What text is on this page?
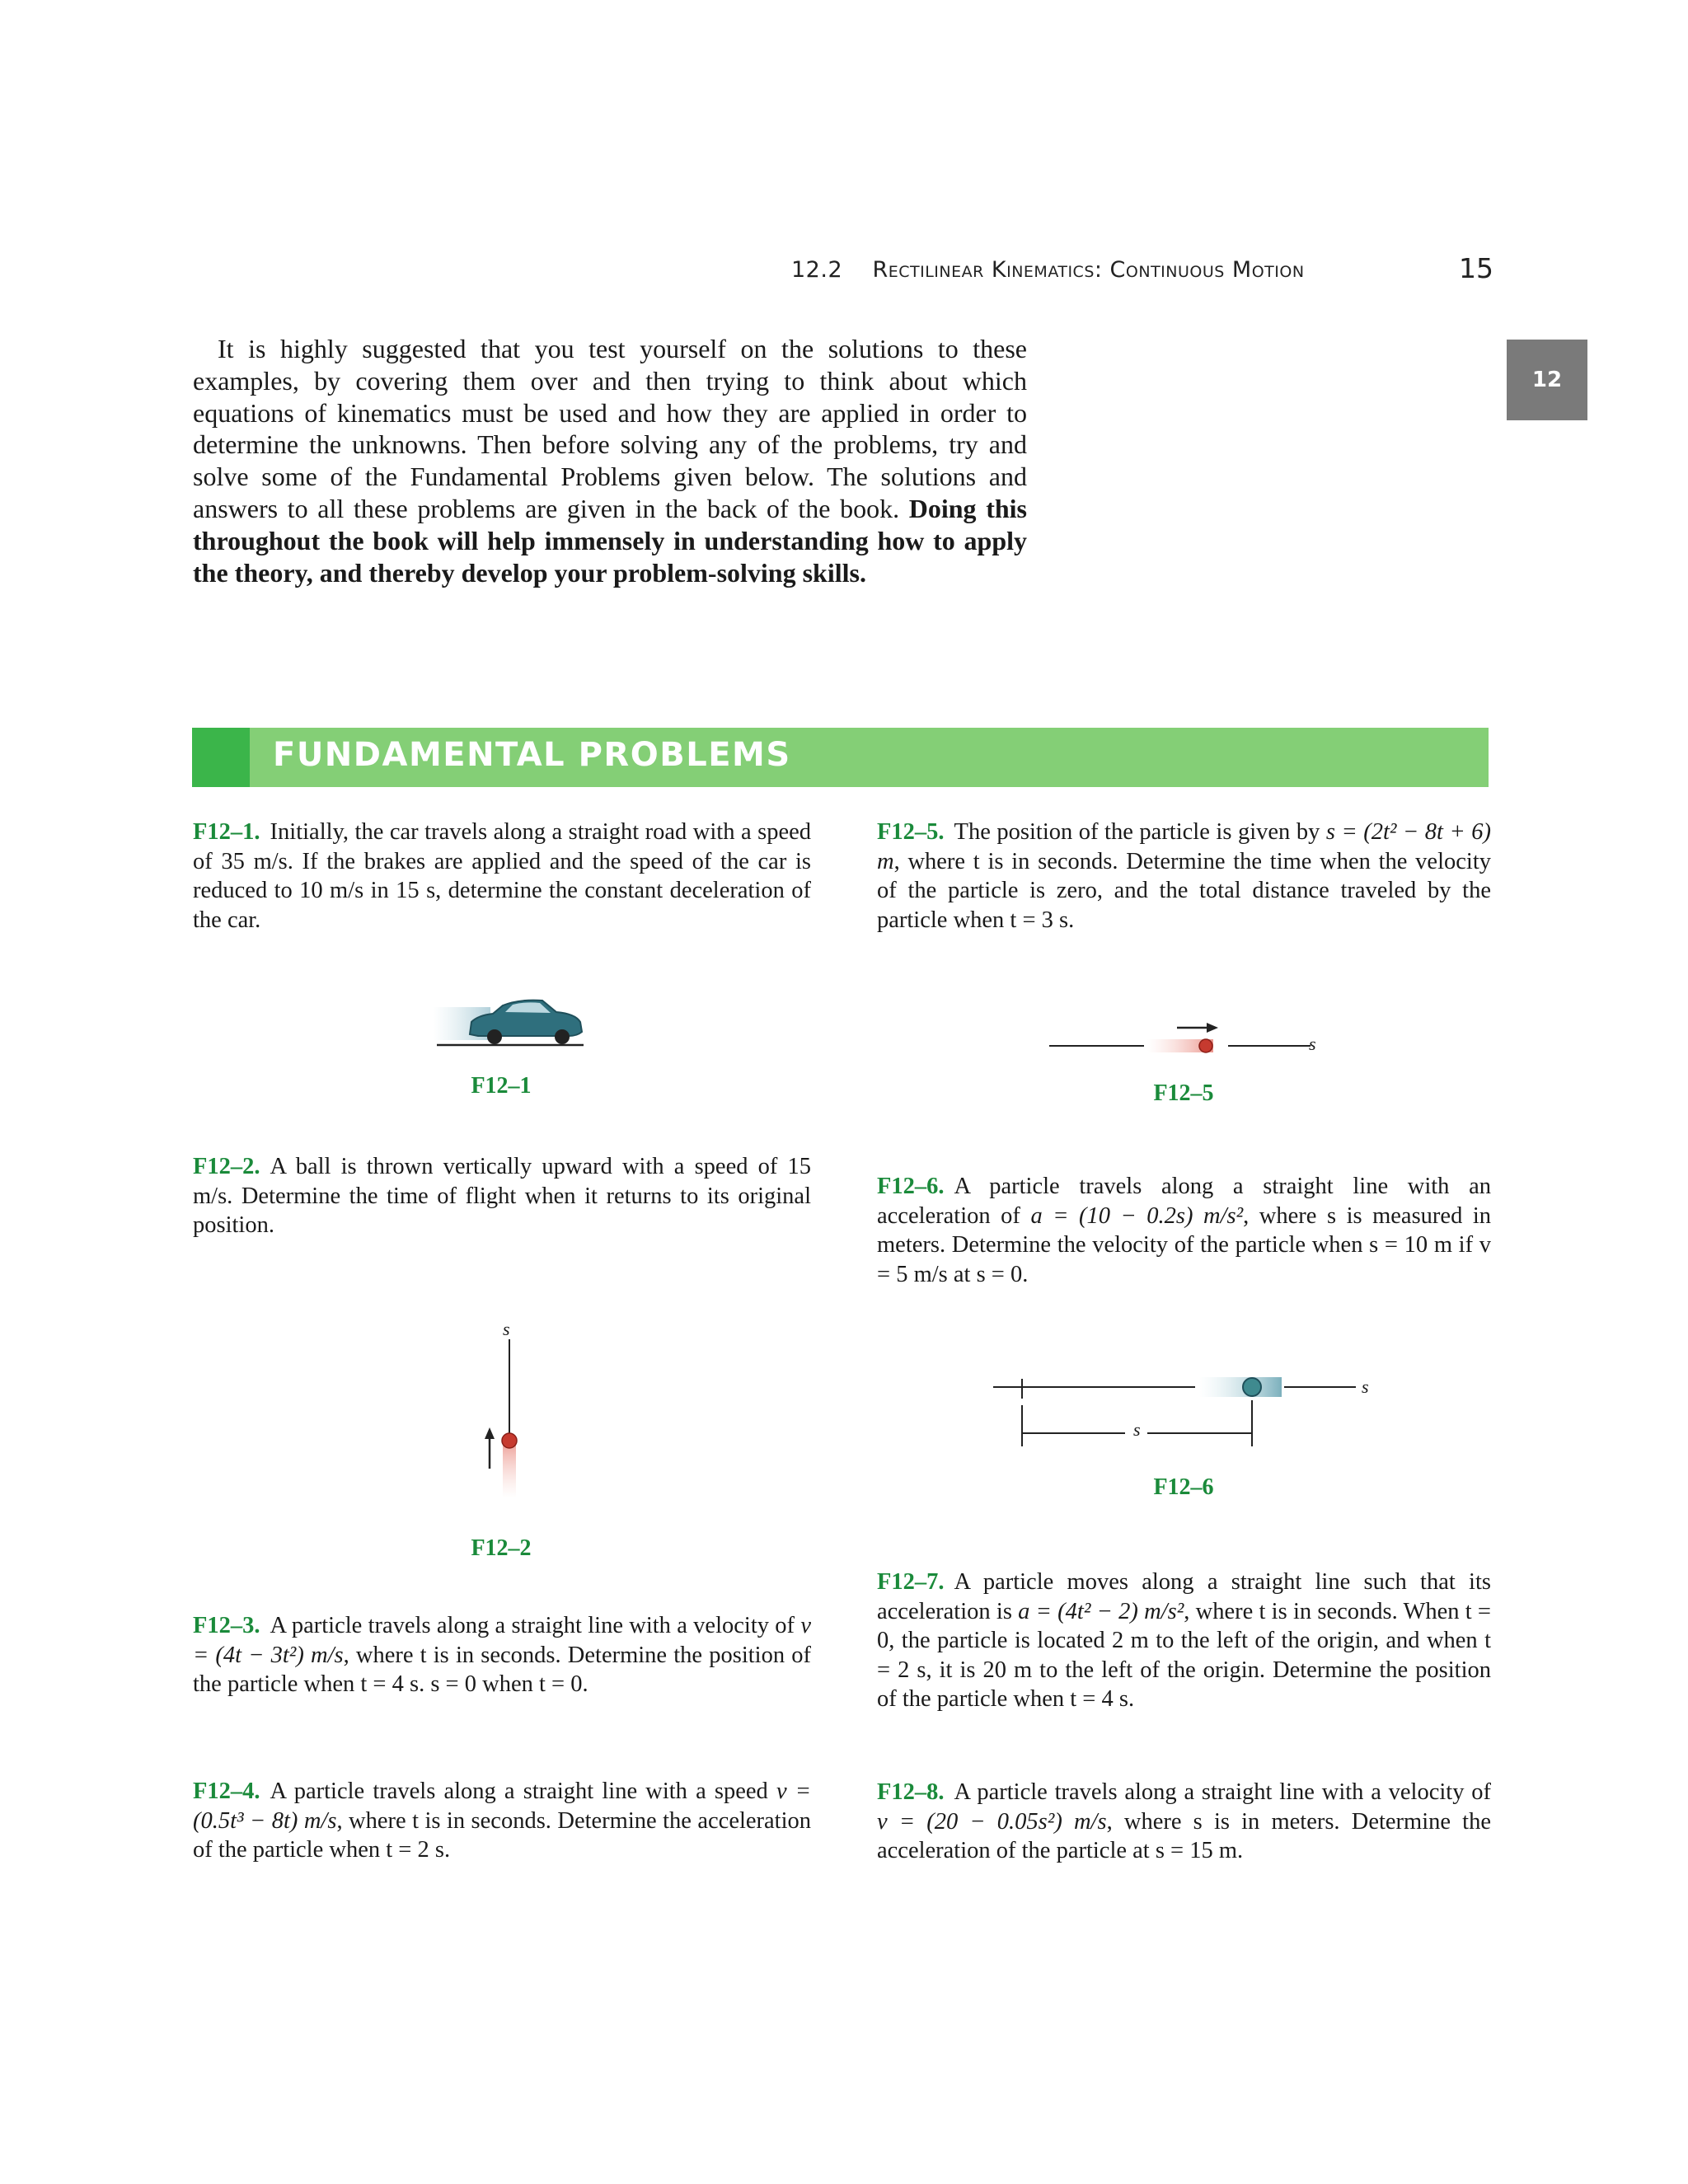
12.2 Rectilinear Kinematics: Continuous Motion	15
12
It is highly suggested that you test yourself on the solutions to these examples, by covering them over and then trying to think about which equations of kinematics must be used and how they are applied in order to determine the unknowns. Then before solving any of the problems, try and solve some of the Fundamental Problems given below. The solutions and answers to all these problems are given in the back of the book. Doing this throughout the book will help immensely in understanding how to apply the theory, and thereby develop your problem-solving skills.
FUNDAMENTAL PROBLEMS
F12–1. Initially, the car travels along a straight road with a speed of 35 m/s. If the brakes are applied and the speed of the car is reduced to 10 m/s in 15 s, determine the constant deceleration of the car.
F12–1
F12–2. A ball is thrown vertically upward with a speed of 15 m/s. Determine the time of flight when it returns to its original position.
s
F12–2
F12–3. A particle travels along a straight line with a velocity of v = (4t − 3t²) m/s, where t is in seconds. Determine the position of the particle when t = 4 s. s = 0 when t = 0.
F12–4. A particle travels along a straight line with a speed v = (0.5t³ − 8t) m/s, where t is in seconds. Determine the acceleration of the particle when t = 2 s.
F12–5. The position of the particle is given by s = (2t² − 8t + 6) m, where t is in seconds. Determine the time when the velocity of the particle is zero, and the total distance traveled by the particle when t = 3 s.
s
F12–5
F12–6. A particle travels along a straight line with an acceleration of a = (10 − 0.2s) m/s², where s is measured in meters. Determine the velocity of the particle when s = 10 m if v = 5 m/s at s = 0.
s
s
F12–6
F12–7. A particle moves along a straight line such that its acceleration is a = (4t² − 2) m/s², where t is in seconds. When t = 0, the particle is located 2 m to the left of the origin, and when t = 2 s, it is 20 m to the left of the origin. Determine the position of the particle when t = 4 s.
F12–8. A particle travels along a straight line with a velocity of v = (20 − 0.05s²) m/s, where s is in meters. Determine the acceleration of the particle at s = 15 m.
